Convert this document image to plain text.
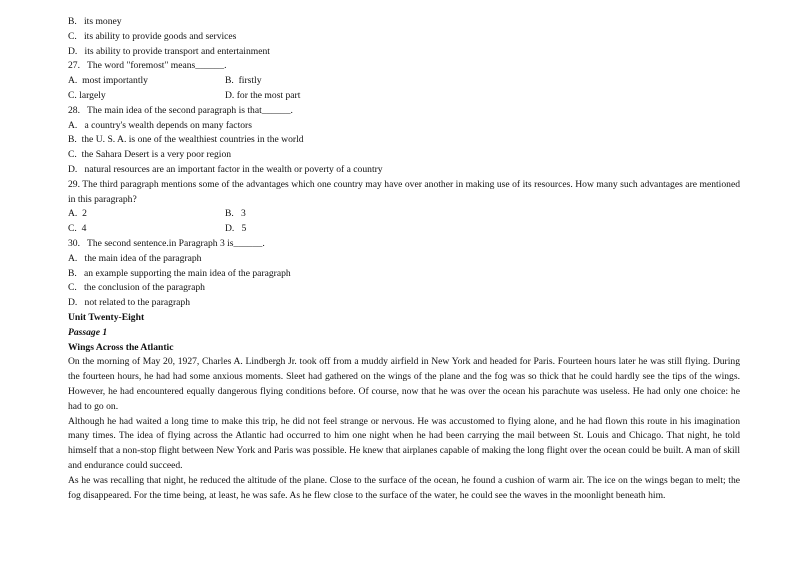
B.   its money

C.   its ability to provide goods and services

D.   its ability to provide transport and entertainment

27.   The word "foremost" means______.

A.  most importantly	B.  firstly
C. largely	D. for the most part

28.   The main idea of the second paragraph is that______.

A.   a country's wealth depends on many factors

B.  the U. S. A. is one of the wealthiest countries in the world

C.  the Sahara Desert is a very poor region

D.   natural resources are an important factor in the wealth or poverty of a country

29. The third paragraph mentions some of the advantages which one country may have over another in making use of its resources. How many such advantages are mentioned in this paragraph?

A.  2	B.   3
C.  4	D.   5

30.   The second sentence.in Paragraph 3 is______.

A.   the main idea of the paragraph

B.   an example supporting the main idea of the paragraph

C.   the conclusion of the paragraph

D.   not related to the paragraph

Unit Twenty-Eight

Passage 1

Wings Across the Atlantic

On the morning of May 20, 1927, Charles A. Lindbergh Jr. took off from a muddy airfield in New York and headed for Paris. Fourteen hours later he was still flying. During the fourteen hours, he had had some anxious moments. Sleet had gathered on the wings of the plane and the fog was so thick that he could hardly see the tips of the wings. However, he had encountered equally dangerous flying conditions before. Of course, now that he was over the ocean his parachute was useless. He had only one choice: he had to go on.

Although he had waited a long time to make this trip, he did not feel strange or nervous. He was accustomed to flying alone, and he had flown this route in his imagination many times. The idea of flying across the Atlantic had occurred to him one night when he had been carrying the mail between St. Louis and Chicago. That night, he told himself that a non-stop flight between New York and Paris was possible. He knew that airplanes capable of making the long flight over the ocean could be built. A man of skill and endurance could succeed.

As he was recalling that night, he reduced the altitude of the plane. Close to the surface of the ocean, he found a cushion of warm air. The ice on the wings began to melt; the fog disappeared. For the time being, at least, he was safe. As he flew close to the surface of the water, he could see the waves in the moonlight beneath him.
